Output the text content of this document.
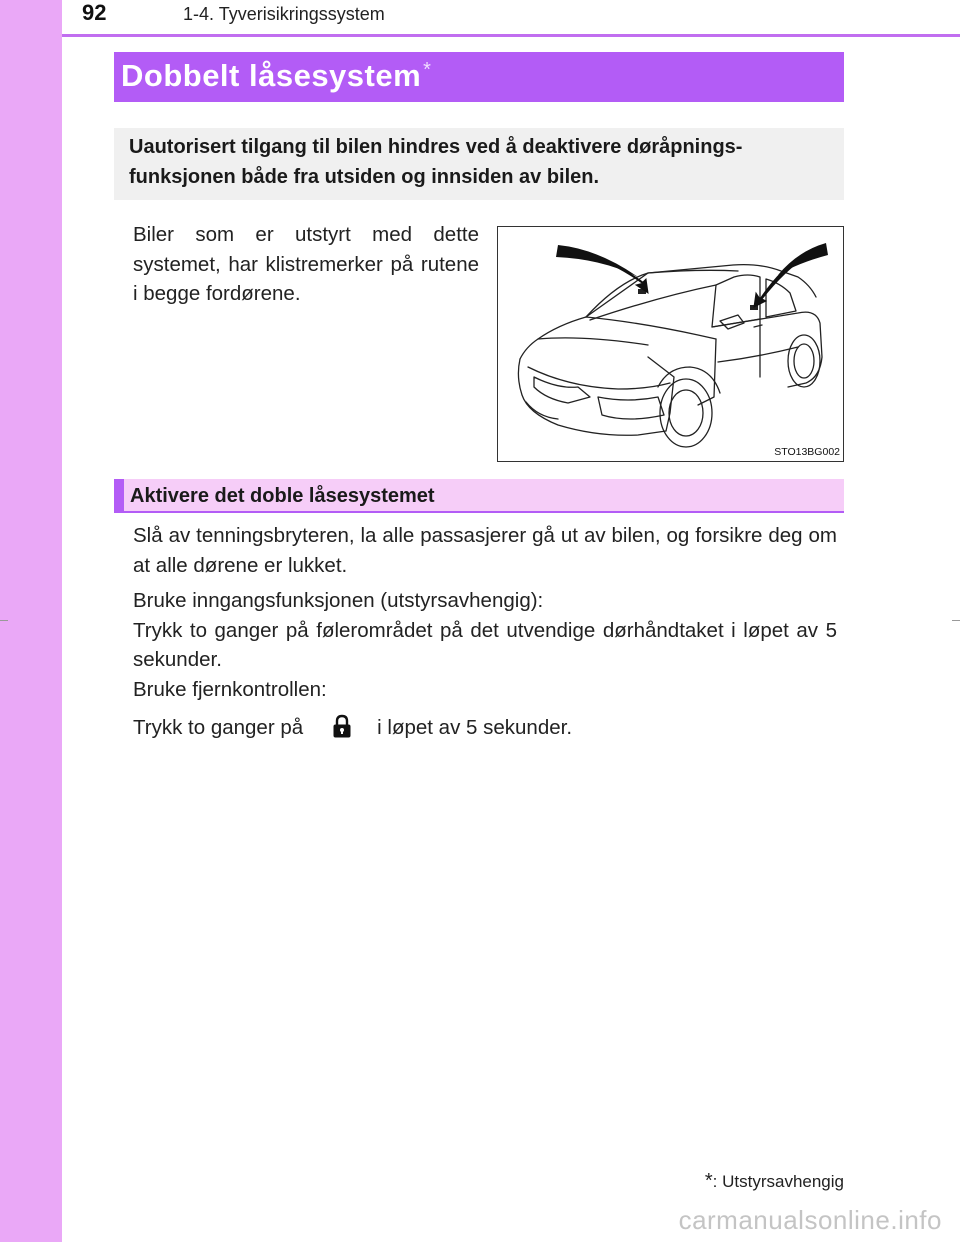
92	1-4. Tyverisikringssystem
Dobbelt låsesystem *
Uautorisert tilgang til bilen hindres ved å deaktivere døråpnings- funksjonen både fra utsiden og innsiden av bilen.

Biler som er utstyrt med dette systemet, har klistremerker på rutene i begge fordørene.

STO13BG002
Aktivere det doble låsesystemet

Slå av tenningsbryteren, la alle passasjerer gå ut av bilen, og forsikre deg om at alle dørene er lukket.

Bruke inngangsfunksjonen (utstyrsavhengig):
Trykk to ganger på følerområdet på det utvendige dørhåndtaket i løpet av 5 sekunder.
Bruke fjernkontrollen:
Trykk to ganger på	i løpet av 5 sekunder.
*: Utstyrsavhengig
carmanualsonline.info
